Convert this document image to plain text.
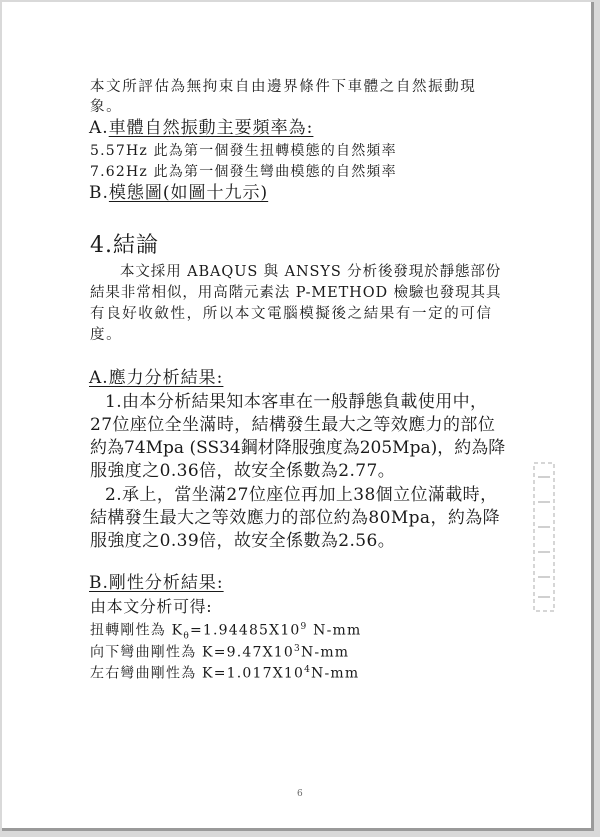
本文所評估為無拘束自由邊界條件下車體之自然振動現
象。
A.車體自然振動主要頻率為:
5.57Hz 此為第一個發生扭轉模態的自然頻率
7.62Hz 此為第一個發生彎曲模態的自然頻率
B.模態圖(如圖十九示)
4.結論
本文採用 ABAQUS 與 ANSYS 分析後發現於靜態部份
結果非常相似，用高階元素法 P-METHOD 檢驗也發現其具
有良好收斂性，所以本文電腦模擬後之結果有一定的可信
度。
A.應力分析結果:
1.由本分析結果知本客車在一般靜態負載使用中，
27位座位全坐滿時，結構發生最大之等效應力的部位
約為74Mpa (SS34鋼材降服強度為205Mpa)，約為降
服強度之0.36倍，故安全係數為2.77。
2.承上，當坐滿27位座位再加上38個立位滿載時，
結構發生最大之等效應力的部位約為80Mpa，約為降
服強度之0.39倍，故安全係數為2.56。
B.剛性分析結果:
由本文分析可得:
扭轉剛性為 $K_\theta=1.94485X10^9$ N-mm
向下彎曲剛性為 $K=9.47X10^3N-mm$
左右彎曲剛性為 $K=1.017X10^4N-mm$
6
